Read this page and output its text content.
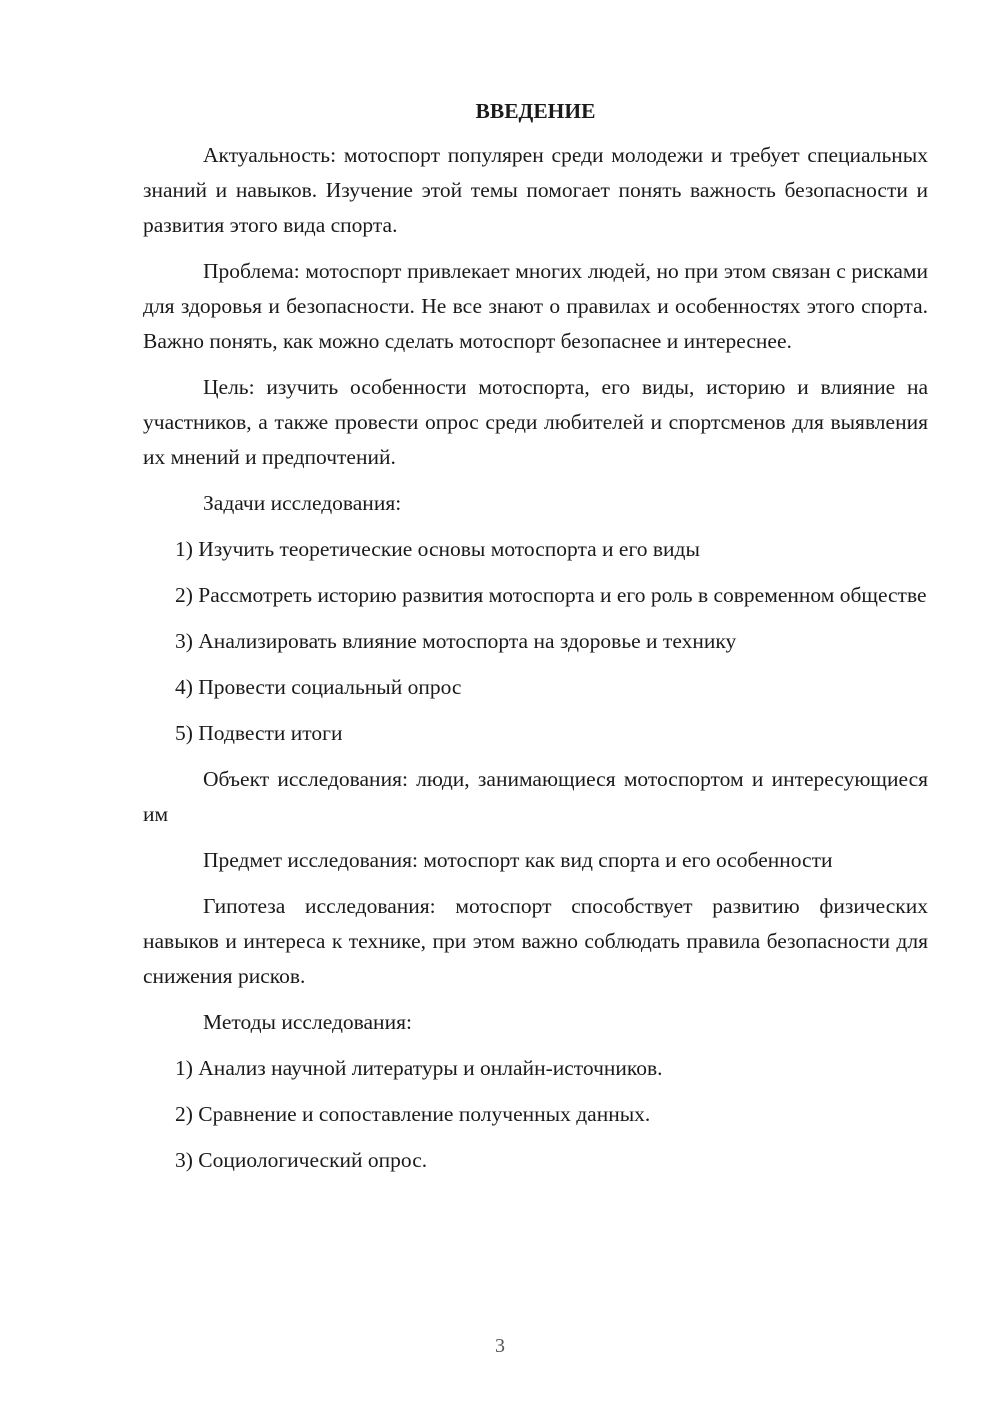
ВВЕДЕНИЕ

Актуальность: мотоспорт популярен среди молодежи и требует специальных знаний и навыков. Изучение этой темы помогает понять важность безопасности и развития этого вида спорта.

Проблема: мотоспорт привлекает многих людей, но при этом связан с рисками для здоровья и безопасности. Не все знают о правилах и особенностях этого спорта. Важно понять, как можно сделать мотоспорт безопаснее и интереснее.

Цель: изучить особенности мотоспорта, его виды, историю и влияние на участников, а также провести опрос среди любителей и спортсменов для выявления их мнений и предпочтений.

Задачи исследования:

1) Изучить теоретические основы мотоспорта и его виды

2) Рассмотреть историю развития мотоспорта и его роль в современном обществе

3) Анализировать влияние мотоспорта на здоровье и технику

4) Провести социальный опрос

5) Подвести итоги

Объект исследования: люди, занимающиеся мотоспортом и интересующиеся им

Предмет исследования: мотоспорт как вид спорта и его особенности

Гипотеза исследования: мотоспорт способствует развитию физических навыков и интереса к технике, при этом важно соблюдать правила безопасности для снижения рисков.

Методы исследования:

1) Анализ научной литературы и онлайн-источников.

2) Сравнение и сопоставление полученных данных.

3) Социологический опрос.

3
